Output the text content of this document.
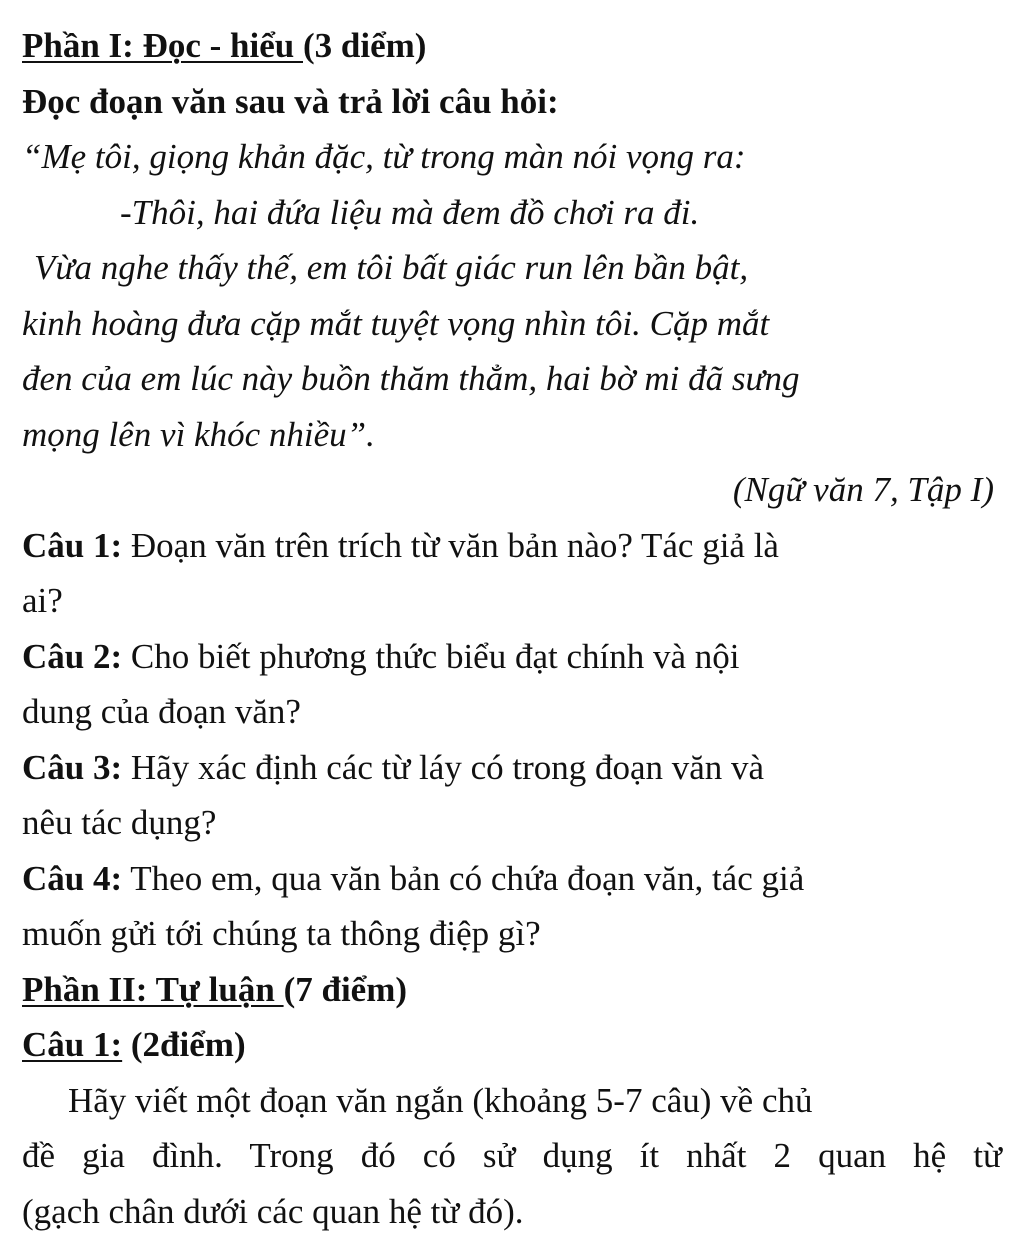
Phần I: Đọc - hiểu (3 diểm)
Đọc đoạn văn sau và trả lời câu hỏi:
“Mẹ tôi, giọng khản đặc, từ trong màn nói vọng ra:
-Thôi, hai đứa liệu mà đem đồ chơi ra đi.
Vừa nghe thấy thế, em tôi bất giác run lên bần bật,
kinh hoàng đưa cặp mắt tuyệt vọng nhìn tôi. Cặp mắt
đen của em lúc này buồn thăm thẳm, hai bờ mi đã sưng
mọng lên vì khóc nhiều”.
(Ngữ văn 7, Tập I)
Câu 1: Đoạn văn trên trích từ văn bản nào? Tác giả là
ai?
Câu 2: Cho biết phương thức biểu đạt chính và nội
dung của đoạn văn?
Câu 3: Hãy xác định các từ láy có trong đoạn văn và
nêu tác dụng?
Câu 4: Theo em, qua văn bản có chứa đoạn văn, tác giả
muốn gửi tới chúng ta thông điệp gì?
Phần II: Tự luận (7 điểm)
Câu 1: (2điểm)
Hãy viết một đoạn văn ngắn (khoảng 5-7 câu) về chủ
đề gia đình. Trong đó có sử dụng ít nhất 2 quan hệ từ
(gạch chân dưới các quan hệ từ đó).
